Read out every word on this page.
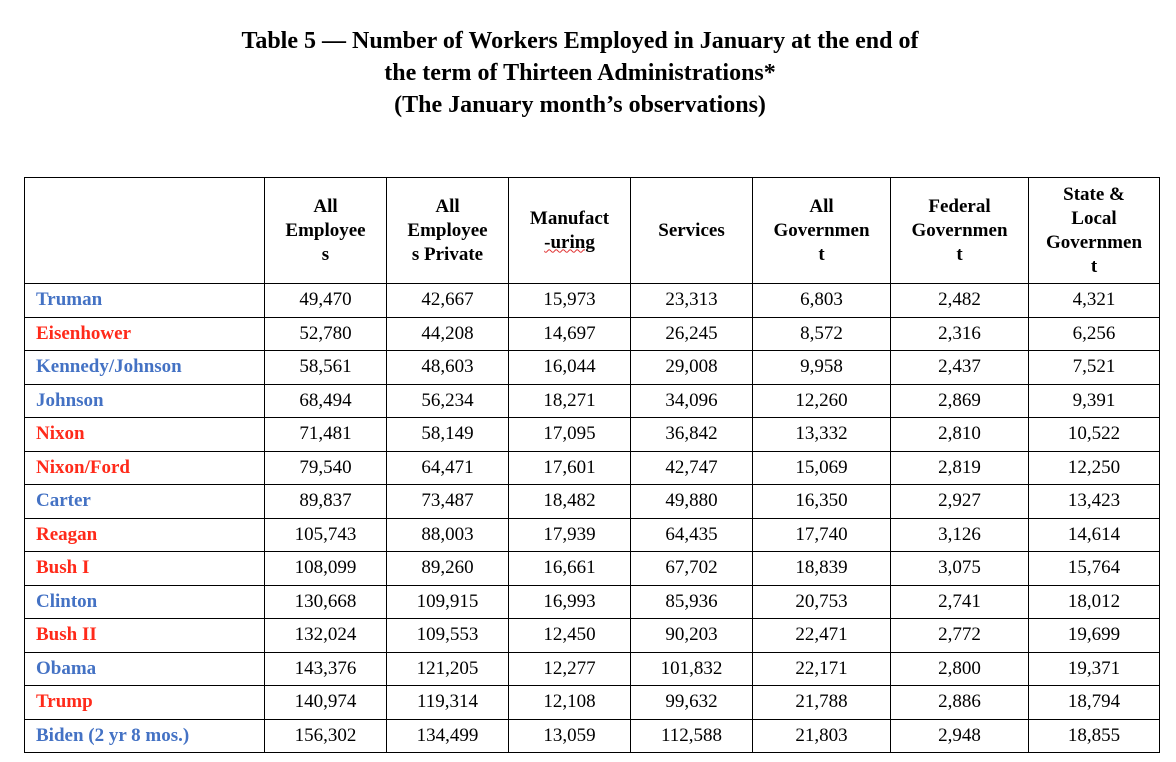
Table 5 — Number of Workers Employed in January at the end of
the term of Thirteen Administrations*
(The January month’s observations)
	All
Employee
s	All
Employee
s Private	Manufact
-uring	Services	All
Governmen
t	Federal
Governmen
t	State &
Local
Governmen
t
Truman	49,470	42,667	15,973	23,313	6,803	2,482	4,321
Eisenhower	52,780	44,208	14,697	26,245	8,572	2,316	6,256
Kennedy/Johnson	58,561	48,603	16,044	29,008	9,958	2,437	7,521
Johnson	68,494	56,234	18,271	34,096	12,260	2,869	9,391
Nixon	71,481	58,149	17,095	36,842	13,332	2,810	10,522
Nixon/Ford	79,540	64,471	17,601	42,747	15,069	2,819	12,250
Carter	89,837	73,487	18,482	49,880	16,350	2,927	13,423
Reagan	105,743	88,003	17,939	64,435	17,740	3,126	14,614
Bush I	108,099	89,260	16,661	67,702	18,839	3,075	15,764
Clinton	130,668	109,915	16,993	85,936	20,753	2,741	18,012
Bush II	132,024	109,553	12,450	90,203	22,471	2,772	19,699
Obama	143,376	121,205	12,277	101,832	22,171	2,800	19,371
Trump	140,974	119,314	12,108	99,632	21,788	2,886	18,794
Biden (2 yr 8 mos.)	156,302	134,499	13,059	112,588	21,803	2,948	18,855
